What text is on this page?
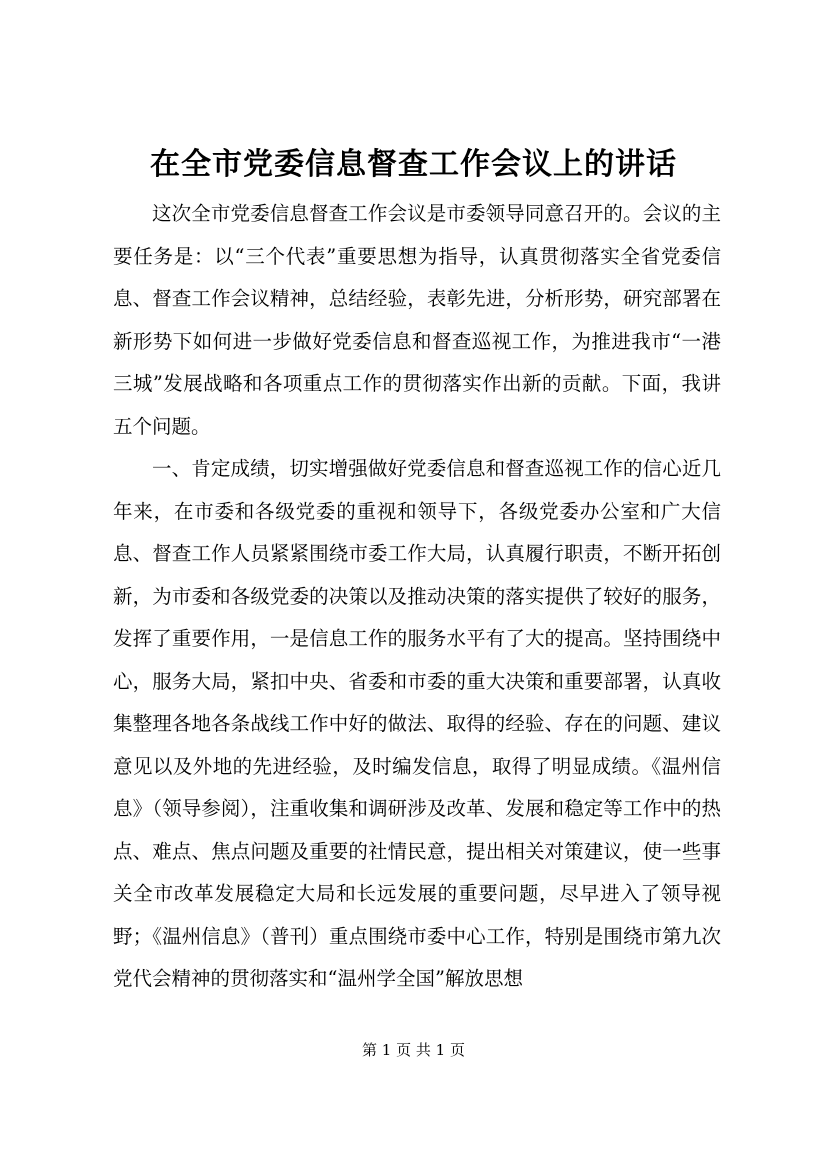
在全市党委信息督查工作会议上的讲话

这次全市党委信息督查工作会议是市委领导同意召开的。会议的主要任务是：以“三个代表”重要思想为指导，认真贯彻落实全省党委信息、督查工作会议精神，总结经验，表彰先进，分析形势，研究部署在新形势下如何进一步做好党委信息和督查巡视工作，为推进我市“一港三城”发展战略和各项重点工作的贯彻落实作出新的贡献。下面，我讲五个问题。

一、肯定成绩，切实增强做好党委信息和督查巡视工作的信心近几年来，在市委和各级党委的重视和领导下，各级党委办公室和广大信息、督查工作人员紧紧围绕市委工作大局，认真履行职责，不断开拓创新，为市委和各级党委的决策以及推动决策的落实提供了较好的服务，发挥了重要作用，一是信息工作的服务水平有了大的提高。坚持围绕中心，服务大局，紧扣中央、省委和市委的重大决策和重要部署，认真收集整理各地各条战线工作中好的做法、取得的经验、存在的问题、建议意见以及外地的先进经验，及时编发信息，取得了明显成绩。《温州信息》（领导参阅），注重收集和调研涉及改革、发展和稳定等工作中的热点、难点、焦点问题及重要的社情民意，提出相关对策建议，使一些事关全市改革发展稳定大局和长远发展的重要问题，尽早进入了领导视野；《温州信息》（普刊）重点围绕市委中心工作，特别是围绕市第九次党代会精神的贯彻落实和“温州学全国”解放思想

第 1 页 共 1 页
